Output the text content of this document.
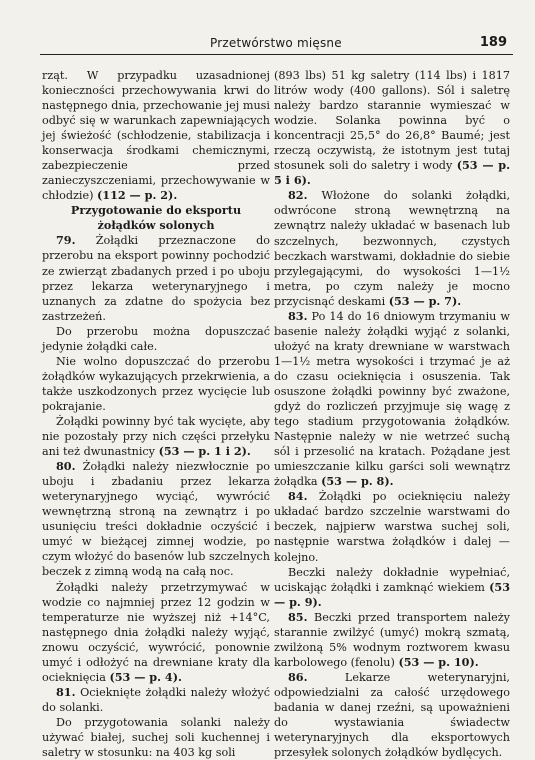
Przetwórstwo mięsne	189

rząt. W przypadku uzasadnionej konieczności przechowywania krwi do następnego dnia, przechowanie jej musi odbyć się w warunkach zapewniających jej świeżość (schłodzenie, stabilizacja i konserwacja środkami chemicznymi, zabezpieczenie przed zanieczyszczeniami, przechowywanie w chłodzie) (112 — p. 2).

Przygotowanie do eksportu żołądków solonych

79. Żołądki przeznaczone do przerobu na eksport powinny pochodzić ze zwierząt zbadanych przed i po uboju przez lekarza weterynaryjnego i uznanych za zdatne do spożycia bez zastrzeżeń.

Do przerobu można dopuszczać jedynie żołądki całe.

Nie wolno dopuszczać do przerobu żołądków wykazujących przekrwienia, a także uszkodzonych przez wycięcie lub pokrajanie.

Żołądki powinny być tak wycięte, aby nie pozostały przy nich części przełyku ani też dwunastnicy (53 — p. 1 i 2).

80. Żołądki należy niezwłocznie po uboju i zbadaniu przez lekarza weterynaryjnego wyciąć, wywrócić wewnętrzną stroną na zewnątrz i po usunięciu treści dokładnie oczyścić i umyć w bieżącej zimnej wodzie, po czym włożyć do basenów lub szczelnych beczek z zimną wodą na całą noc.

Żołądki należy przetrzymywać w wodzie co najmniej przez 12 godzin w temperaturze nie wyższej niż +14°C, następnego dnia żołądki należy wyjąć, znowu oczyścić, wywrócić, ponownie umyć i odłożyć na drewniane kraty dla ocieknięcia (53 — p. 4).

81. Ocieknięte żołądki należy włożyć do solanki.

Do przygotowania solanki należy używać białej, suchej soli kuchennej i saletry w stosunku: na 403 kg soli

(893 lbs) 51 kg saletry (114 lbs) i 1817 litrów wody (400 gallons). Sól i saletrę należy bardzo starannie wymieszać w wodzie. Solanka powinna być o koncentracji 25,5° do 26,8° Baumé; jest rzeczą oczywistą, że istotnym jest tutaj stosunek soli do saletry i wody (53 — p. 5 i 6).

82. Włożone do solanki żołądki, odwrócone stroną wewnętrzną na zewnątrz należy układać w basenach lub szczelnych, bezwonnych, czystych beczkach warstwami, dokładnie do siebie przylegającymi, do wysokości 1—1½ metra, po czym należy je mocno przycisnąć deskami (53 — p. 7).

83. Po 14 do 16 dniowym trzymaniu w basenie należy żołądki wyjąć z solanki, ułożyć na kraty drewniane w warstwach 1—1½ metra wysokości i trzymać je aż do czasu ocieknięcia i osuszenia. Tak osuszone żołądki powinny być zważone, gdyż do rozliczeń przyjmuje się wagę z tego stadium przygotowania żołądków. Następnie należy w nie wetrzeć suchą sól i przesolić na kratach. Pożądane jest umieszczanie kilku garści soli wewnątrz żołądka (53 — p. 8).

84. Żołądki po ocieknięciu należy układać bardzo szczelnie warstwami do beczek, najpierw warstwa suchej soli, następnie warstwa żołądków i dalej — kolejno.

Beczki należy dokładnie wypełniać, uciskając żołądki i zamknąć wiekiem (53 — p. 9).

85. Beczki przed transportem należy starannie zwilżyć (umyć) mokrą szmatą, zwilżoną 5% wodnym roztworem kwasu karbolowego (fenolu) (53 — p. 10).

86.	Lekarze weterynaryjni, odpowiedzialni za całość urzędowego badania w danej rzeźni, są upoważnieni do wystawiania świadectw weterynaryjnych dla eksportowych przesyłek solonych żołądków bydlęcych.
